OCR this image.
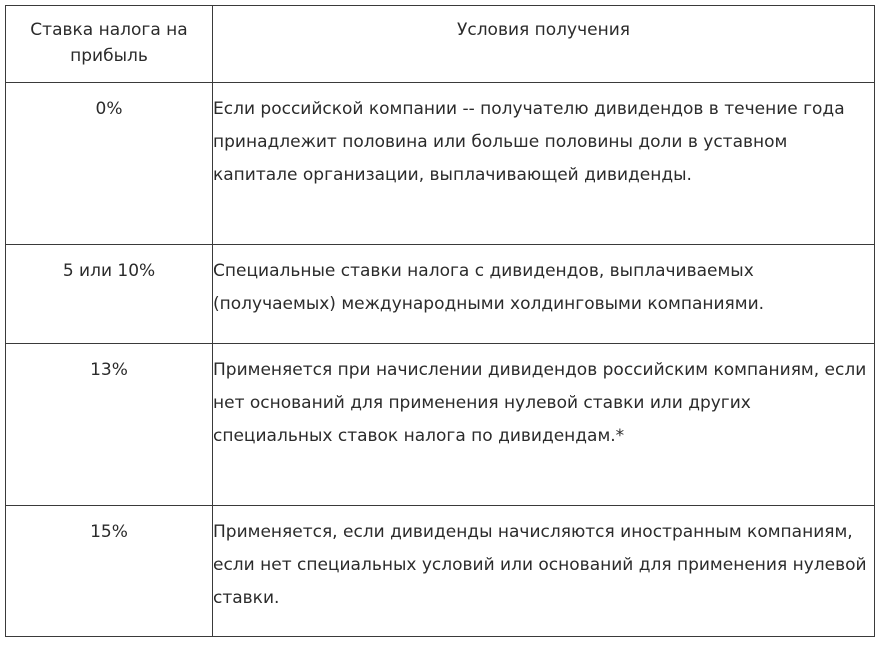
Ставка налога на прибыль	Условия получения
0%	Если российской компании -- получателю дивидендов в течение года принадлежит половина или больше половины доли в уставном капитале организации, выплачивающей дивиденды.
5 или 10%	Специальные ставки налога с дивидендов, выплачиваемых (получаемых) международными холдинговыми компаниями.
13%	Применяется при начислении дивидендов российским компаниям, если нет оснований для применения нулевой ставки или других специальных ставок налога по дивидендам.*
15%	Применяется, если дивиденды начисляются иностранным компаниям, если нет специальных условий или оснований для применения нулевой ставки.
